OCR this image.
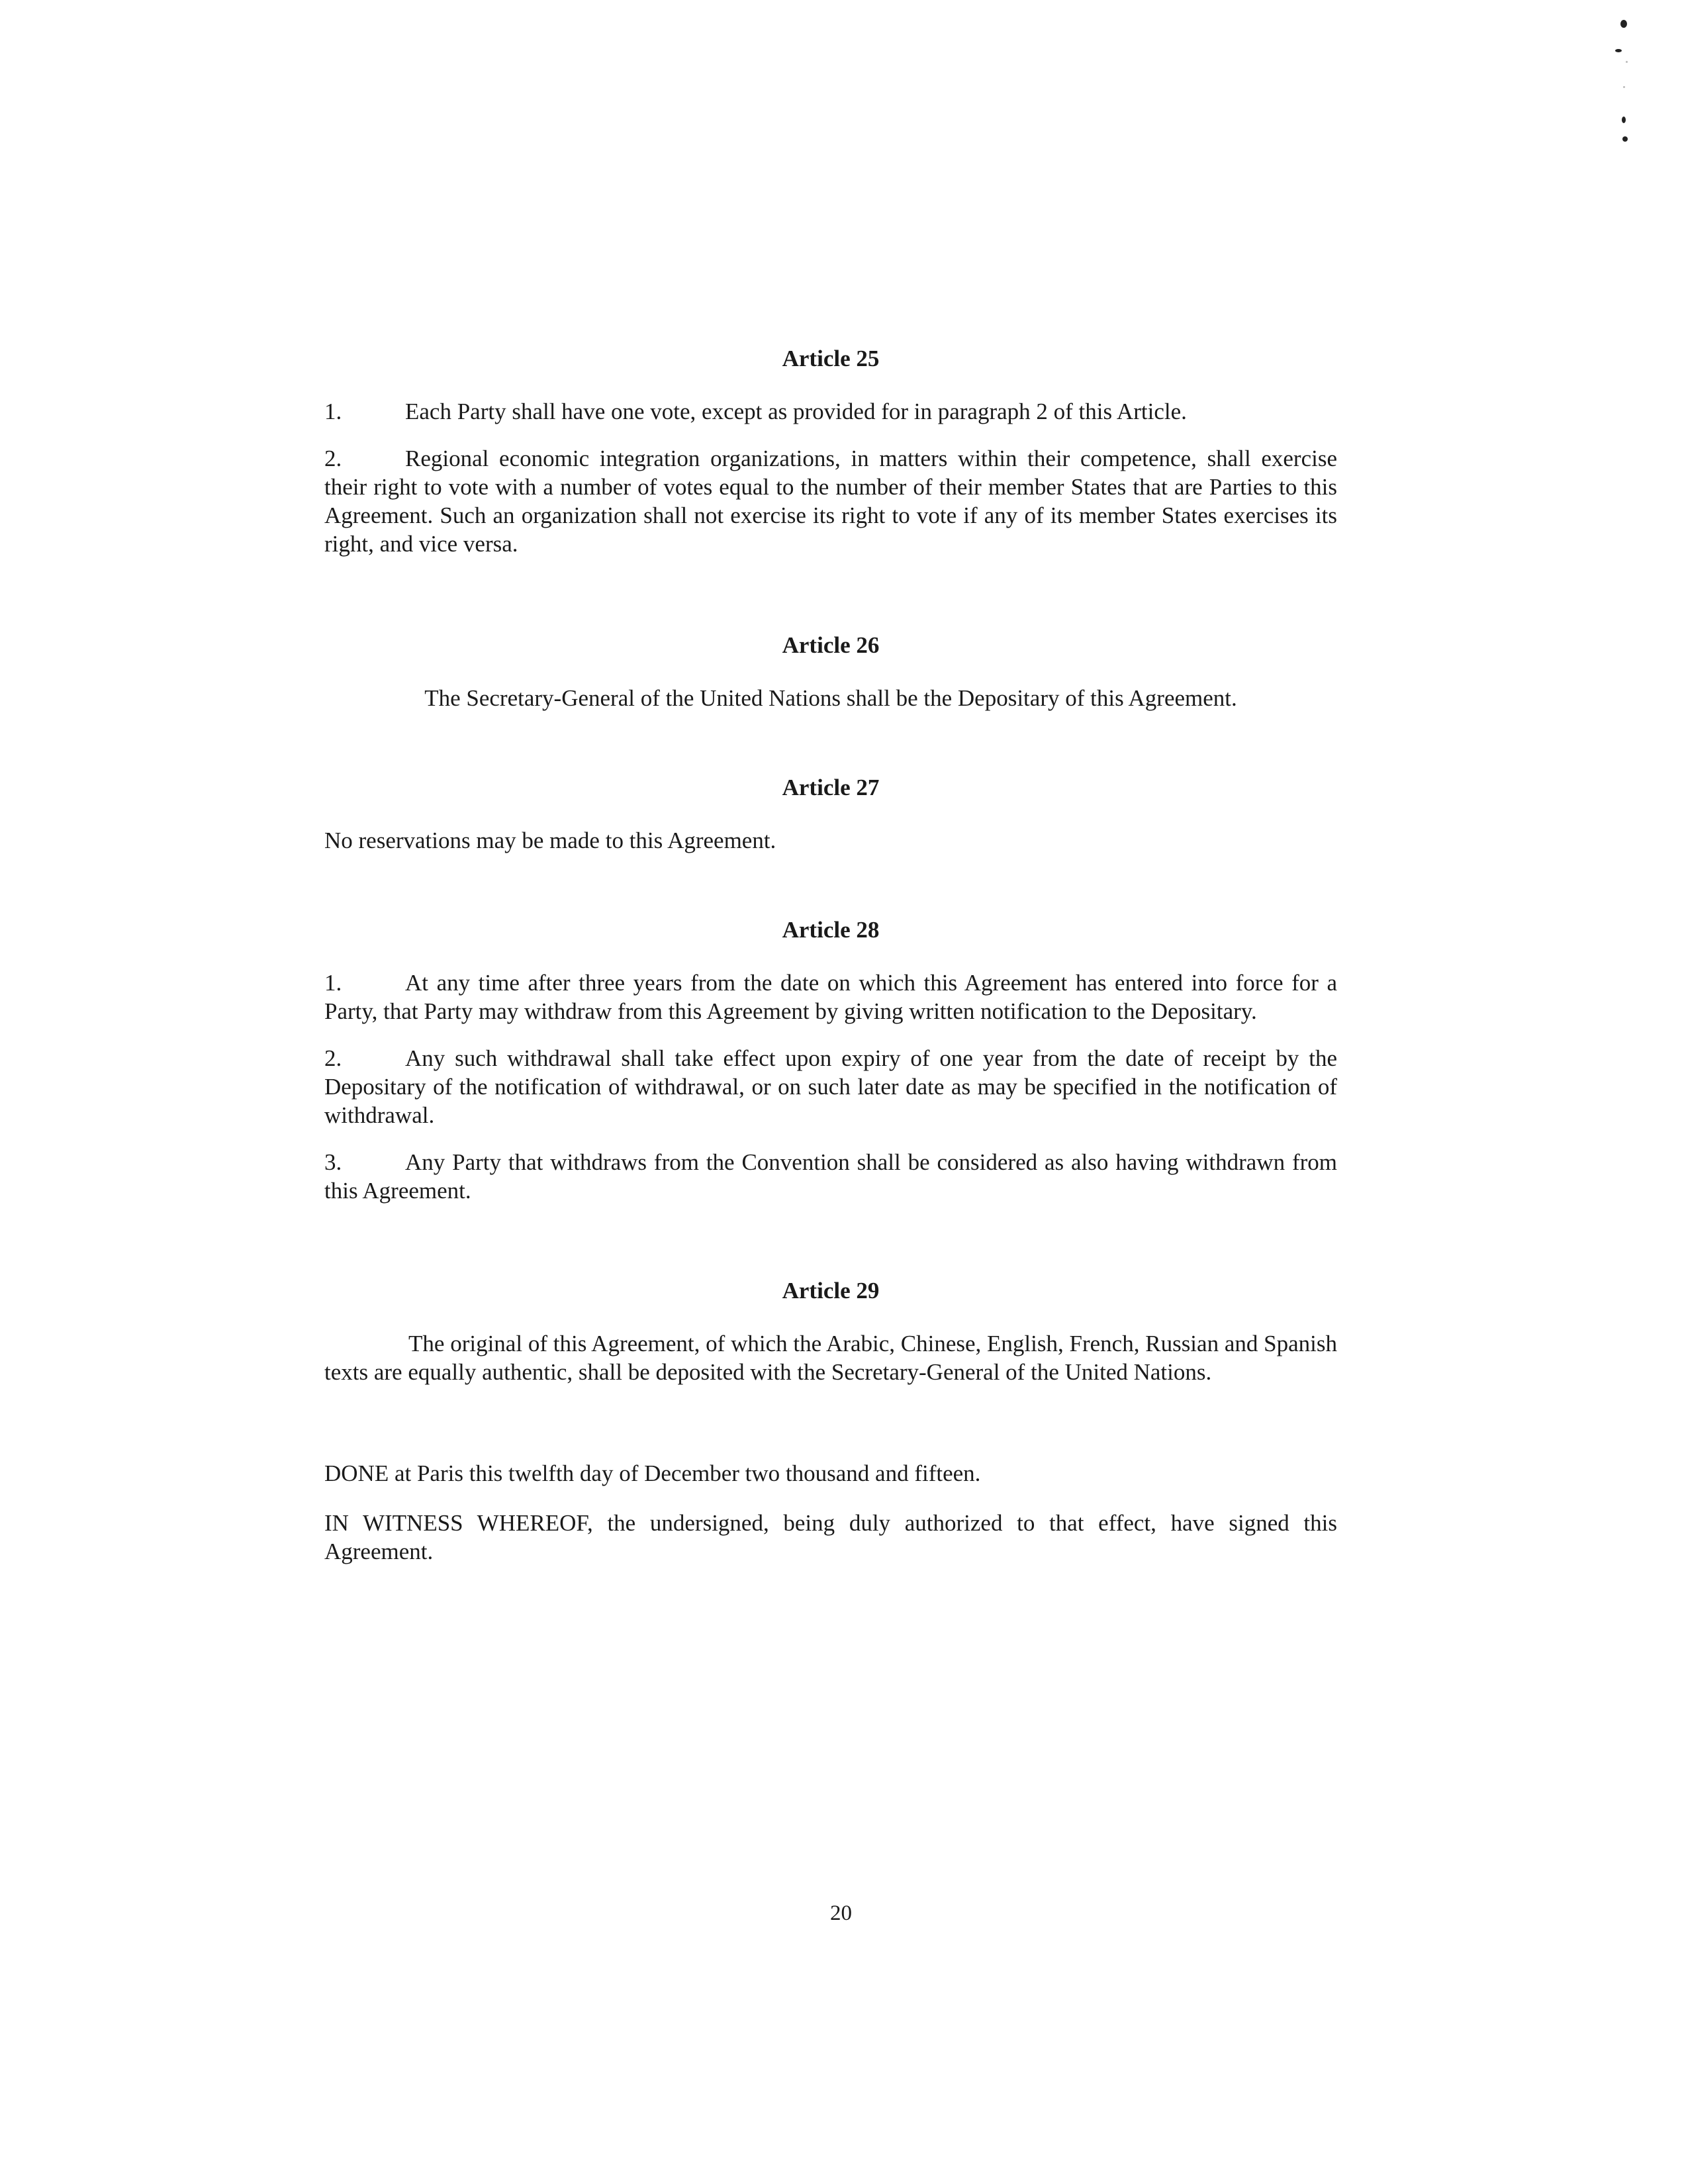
Article 25

1.	Each Party shall have one vote, except as provided for in paragraph 2 of this Article.

2.	Regional economic integration organizations, in matters within their competence, shall exercise their right to vote with a number of votes equal to the number of their member States that are Parties to this Agreement. Such an organization shall not exercise its right to vote if any of its member States exercises its right, and vice versa.

Article 26

The Secretary-General of the United Nations shall be the Depositary of this Agreement.

Article 27

No reservations may be made to this Agreement.

Article 28

1.	At any time after three years from the date on which this Agreement has entered into force for a Party, that Party may withdraw from this Agreement by giving written notification to the Depositary.

2.	Any such withdrawal shall take effect upon expiry of one year from the date of receipt by the Depositary of the notification of withdrawal, or on such later date as may be specified in the notification of withdrawal.

3.	Any Party that withdraws from the Convention shall be considered as also having withdrawn from this Agreement.

Article 29

The original of this Agreement, of which the Arabic, Chinese, English, French, Russian and Spanish texts are equally authentic, shall be deposited with the Secretary-General of the United Nations.

DONE at Paris this twelfth day of December two thousand and fifteen.

IN WITNESS WHEREOF, the undersigned, being duly authorized to that effect, have signed this Agreement.

20
